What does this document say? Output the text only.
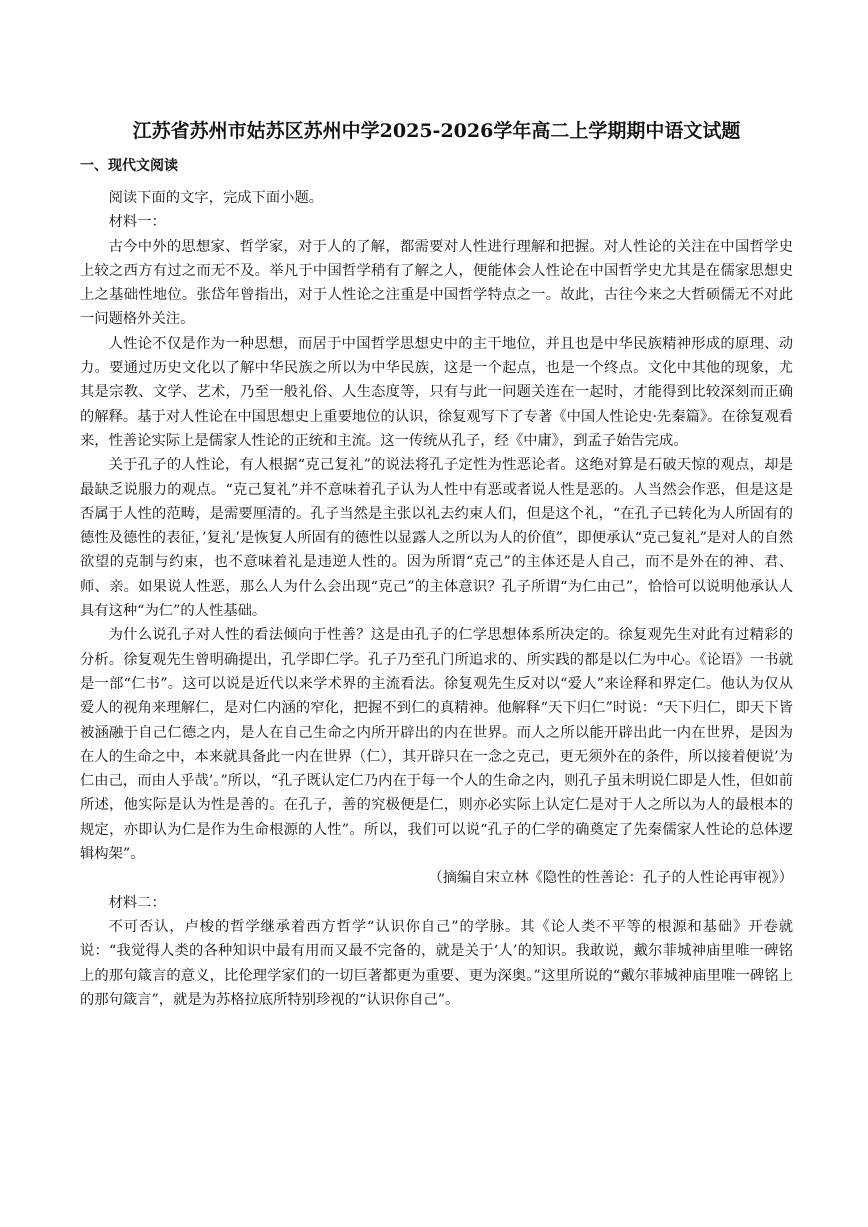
江苏省苏州市姑苏区苏州中学2025-2026学年高二上学期期中语文试题
一、现代文阅读

阅读下面的文字，完成下面小题。

材料一：

古今中外的思想家、哲学家，对于人的了解，都需要对人性进行理解和把握。对人性论的关注在中国哲学史上较之西方有过之而无不及。举凡于中国哲学稍有了解之人，便能体会人性论在中国哲学史尤其是在儒家思想史上之基础性地位。张岱年曾指出，对于人性论之注重是中国哲学特点之一。故此，古往今来之大哲硕儒无不对此一问题格外关注。

人性论不仅是作为一种思想，而居于中国哲学思想史中的主干地位，并且也是中华民族精神形成的原理、动力。要通过历史文化以了解中华民族之所以为中华民族，这是一个起点，也是一个终点。文化中其他的现象，尤其是宗教、文学、艺术，乃至一般礼俗、人生态度等，只有与此一问题关连在一起时，才能得到比较深刻而正确的解释。基于对人性论在中国思想史上重要地位的认识，徐复观写下了专著《中国人性论史·先秦篇》。在徐复观看来，性善论实际上是儒家人性论的正统和主流。这一传统从孔子，经《中庸》，到孟子始告完成。

关于孔子的人性论，有人根据“克己复礼”的说法将孔子定性为性恶论者。这绝对算是石破天惊的观点，却是最缺乏说服力的观点。“克己复礼”并不意味着孔子认为人性中有恶或者说人性是恶的。人当然会作恶，但是这是否属于人性的范畴，是需要厘清的。孔子当然是主张以礼去约束人们，但是这个礼，“在孔子已转化为人所固有的德性及德性的表征，’复礼’是恢复人所固有的德性以显露人之所以为人的价值”，即便承认“克己复礼”是对人的自然欲望的克制与约束，也不意味着礼是违逆人性的。因为所谓“克己”的主体还是人自己，而不是外在的神、君、师、亲。如果说人性恶，那么人为什么会出现“克己”的主体意识？孔子所谓“为仁由己”，恰恰可以说明他承认人具有这种“为仁”的人性基础。

为什么说孔子对人性的看法倾向于性善？这是由孔子的仁学思想体系所决定的。徐复观先生对此有过精彩的分析。徐复观先生曾明确提出，孔学即仁学。孔子乃至孔门所追求的、所实践的都是以仁为中心。《论语》一书就是一部“仁书”。这可以说是近代以来学术界的主流看法。徐复观先生反对以“爱人”来诠释和界定仁。他认为仅从爱人的视角来理解仁，是对仁内涵的窄化，把握不到仁的真精神。他解释“天下归仁”时说：“天下归仁，即天下皆被涵融于自己仁德之内，是人在自己生命之内所开辟出的内在世界。而人之所以能开辟出此一内在世界，是因为在人的生命之中，本来就具备此一内在世界（仁），其开辟只在一念之克己，更无须外在的条件，所以接着便说’为仁由己，而由人乎哉’。”所以，“孔子既认定仁乃内在于每一个人的生命之内，则孔子虽未明说仁即是人性，但如前所述，他实际是认为性是善的。在孔子，善的究极便是仁，则亦必实际上认定仁是对于人之所以为人的最根本的规定，亦即认为仁是作为生命根源的人性”。所以，我们可以说“孔子的仁学的确奠定了先秦儒家人性论的总体逻辑构架”。

（摘编自宋立林《隐性的性善论：孔子的人性论再审视》）

材料二：

不可否认，卢梭的哲学继承着西方哲学“认识你自己”的学脉。其《论人类不平等的根源和基础》开卷就说：“我觉得人类的各种知识中最有用而又最不完备的，就是关于‘人’的知识。我敢说，戴尔菲城神庙里唯一碑铭上的那句箴言的意义，比伦理学家们的一切巨著都更为重要、更为深奥。”这里所说的“戴尔菲城神庙里唯一碑铭上的那句箴言”，就是为苏格拉底所特别珍视的“认识你自己”。
